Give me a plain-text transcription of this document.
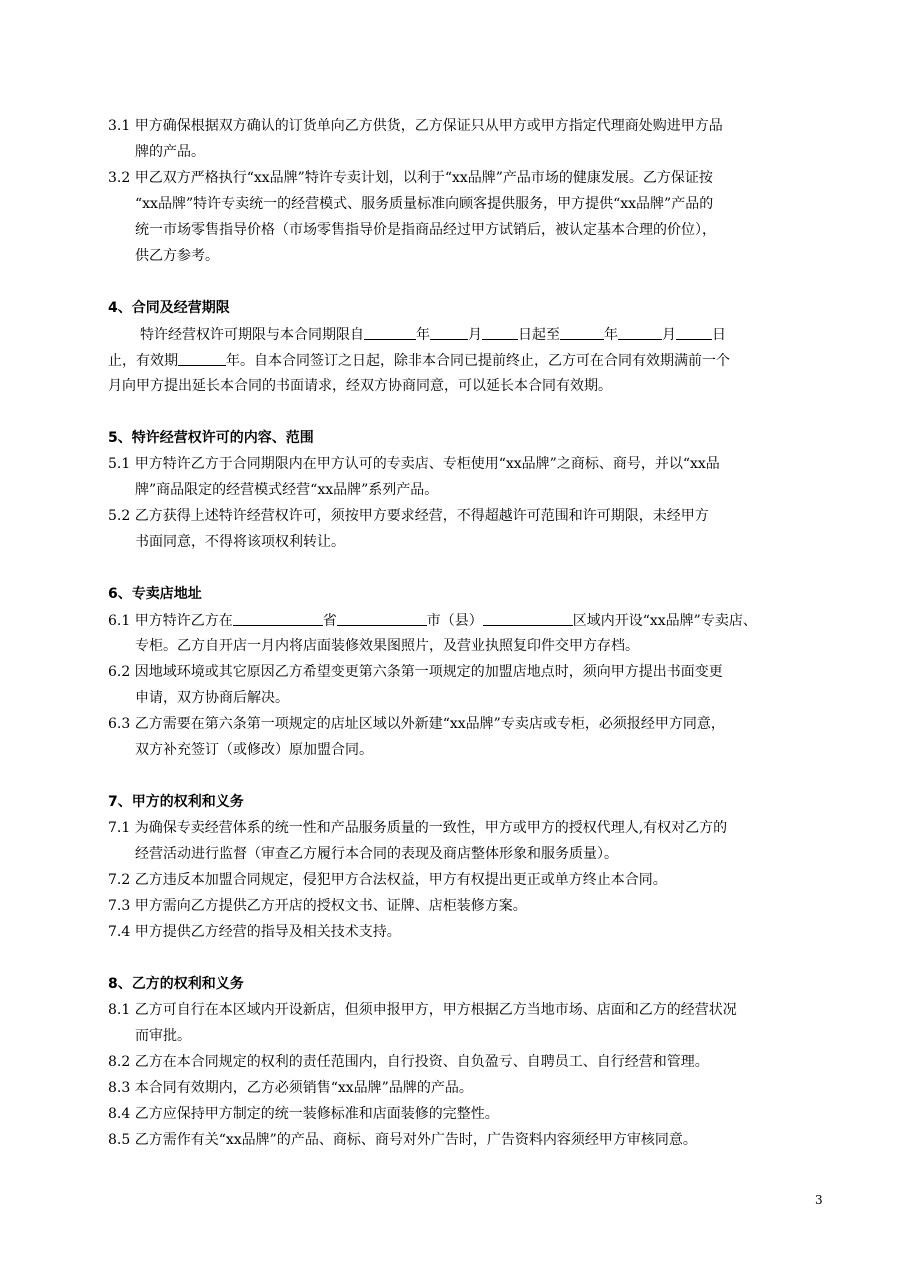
3.1 甲方确保根据双方确认的订货单向乙方供货，乙方保证只从甲方或甲方指定代理商处购进甲方品
牌的产品。
3.2 甲乙双方严格执行“xx品牌”特许专卖计划，以利于“xx品牌”产品市场的健康发展。乙方保证按
“xx品牌”特许专卖统一的经营模式、服务质量标准向顾客提供服务，甲方提供“xx品牌”产品的
统一市场零售指导价格（市场零售指导价是指商品经过甲方试销后，被认定基本合理的价位），
供乙方参考。
4、合同及经营期限
特许经营权许可期限与本合同期限自	年	月	日起至	年	月	日
止，有效期	年。自本合同签订之日起，除非本合同已提前终止，乙方可在合同有效期满前一个
月向甲方提出延长本合同的书面请求，经双方协商同意，可以延长本合同有效期。
5、特许经营权许可的内容、范围
5.1 甲方特许乙方于合同期限内在甲方认可的专卖店、专柜使用“xx品牌”之商标、商号，并以“xx品
牌”商品限定的经营模式经营“xx品牌”系列产品。
5.2 乙方获得上述特许经营权许可，须按甲方要求经营，不得超越许可范围和许可期限，未经甲方
书面同意，不得将该项权利转让。
6、专卖店地址
6.1 甲方特许乙方在	省	市（县）	区域内开设“xx品牌”专卖店、
专柜。乙方自开店一月内将店面装修效果图照片，及营业执照复印件交甲方存档。
6.2 因地域环境或其它原因乙方希望变更第六条第一项规定的加盟店地点时，须向甲方提出书面变更
申请，双方协商后解决。
6.3 乙方需要在第六条第一项规定的店址区域以外新建“xx品牌”专卖店或专柜，必须报经甲方同意，
双方补充签订（或修改）原加盟合同。
7、甲方的权利和义务
7.1 为确保专卖经营体系的统一性和产品服务质量的一致性，甲方或甲方的授权代理人,有权对乙方的
经营活动进行监督（审查乙方履行本合同的表现及商店整体形象和服务质量）。
7.2 乙方违反本加盟合同规定，侵犯甲方合法权益，甲方有权提出更正或单方终止本合同。
7.3 甲方需向乙方提供乙方开店的授权文书、证牌、店柜装修方案。
7.4 甲方提供乙方经营的指导及相关技术支持。
8、乙方的权利和义务
8.1 乙方可自行在本区域内开设新店，但须申报甲方，甲方根据乙方当地市场、店面和乙方的经营状况
而审批。
8.2 乙方在本合同规定的权利的责任范围内，自行投资、自负盈亏、自聘员工、自行经营和管理。
8.3 本合同有效期内，乙方必须销售“xx品牌”品牌的产品。
8.4 乙方应保持甲方制定的统一装修标准和店面装修的完整性。
8.5 乙方需作有关“xx品牌”的产品、商标、商号对外广告时，广告资料内容须经甲方审核同意。
3
